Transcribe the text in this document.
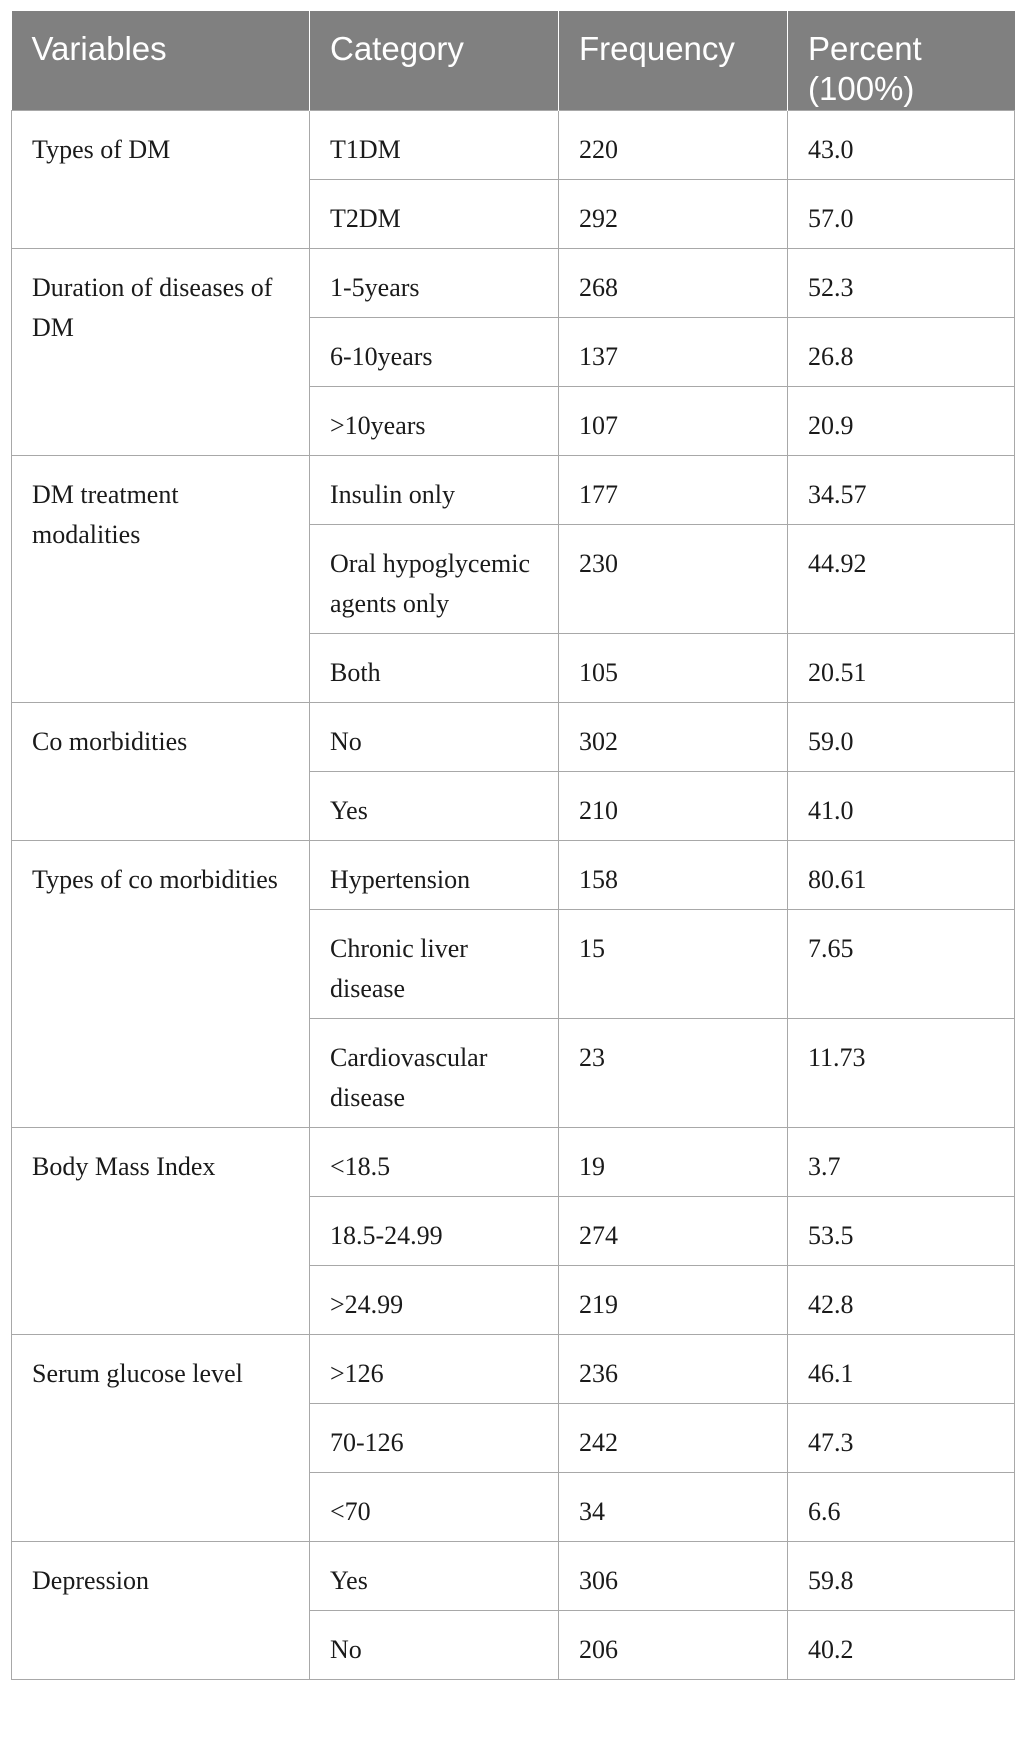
Variables	Category	Frequency	Percent (100%)
Types of DM	T1DM	220	43.0
	T2DM	292	57.0
Duration of diseases of DM	1-5years	268	52.3
	6-10years	137	26.8
	>10years	107	20.9
DM treatment modalities	Insulin only	177	34.57
	Oral hypoglycemic agents only	230	44.92
	Both	105	20.51
Co morbidities	No	302	59.0
	Yes	210	41.0
Types of co morbidities	Hypertension	158	80.61
	Chronic liver disease	15	7.65
	Cardiovascular disease	23	11.73
Body Mass Index	<18.5	19	3.7
	18.5-24.99	274	53.5
	>24.99	219	42.8
Serum glucose level	>126	236	46.1
	70-126	242	47.3
	<70	34	6.6
Depression	Yes	306	59.8
	No	206	40.2
